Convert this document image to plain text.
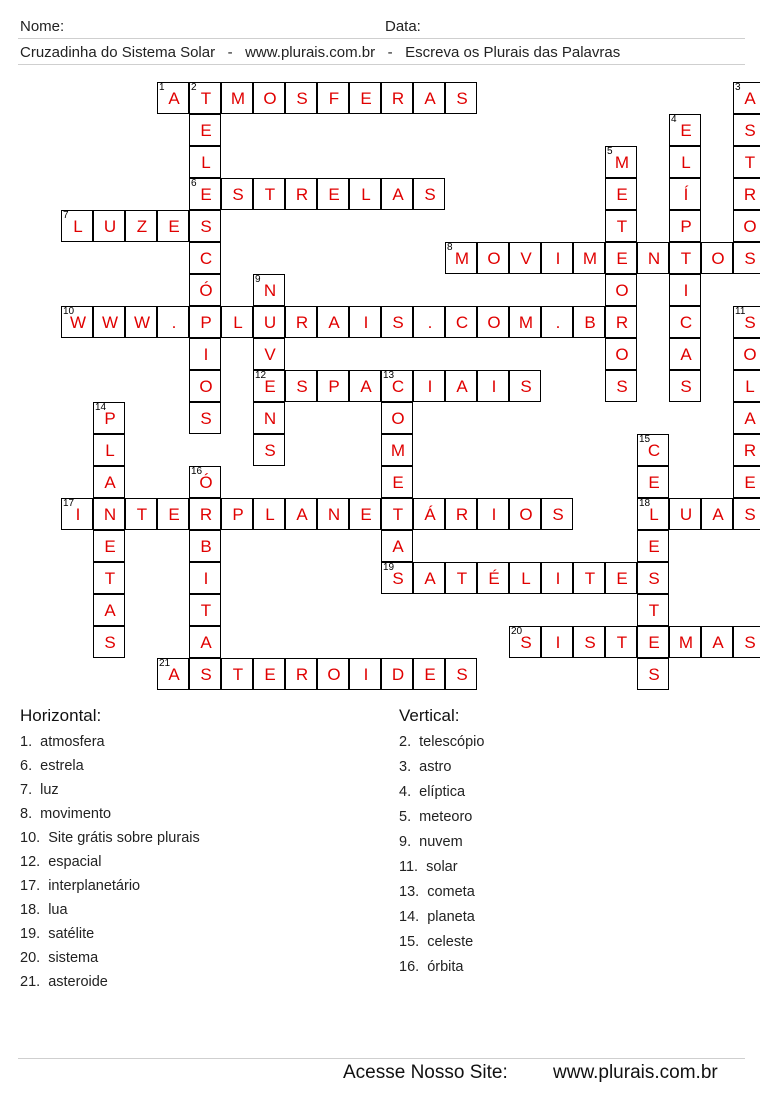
Nome:	Data:
Cruzadinha do Sistema Solar   -   www.plurais.com.br   -   Escreva os Plurais das Palavras
A
1
T
2
M	O	S	F	E	R	A	S
E
6
S	T	R	E	L	A	S
L
7
U	Z	E	S
M
8
O	V	I	M	E	N	T	O	S
W
10
W W	.	P	L	U	R	A	I	S	.	C	O	M	.	B	R
E
12
S	P	A	C
13
I	A	I	S
I
17
N	T	E	R	P	L	A	N	E	T	Á	R	I	O	S	L
18
U	A	S
S
19
A	T	É	L	I	T	E	S
S
20
I	S	T	E	M	A	S
A
21
S	T	E	R	O	I	D	E	S
E
L
C
Ó
I
O
S
A
3
S
T
R
O
E
4
L
Í
P
I
C
A
S
M
5
E
T
O
O
S
N
9
V
N
S
S
11
O
L
A
R
E
O
M
E
A
P
14
L
A
E
T
A
S
C
15
E
E
T
S
Ó
16
B
I
T
A
Horizontal:	Vertical:
1.  atmosfera
6.  estrela
7.  luz
8.  movimento
10.  Site grátis sobre plurais
12.  espacial
17.  interplanetário
18.  lua
19.  satélite
20.  sistema
21.  asteroide
2.  telescópio
3.  astro
4.  elíptica
5.  meteoro
9.  nuvem
11.  solar
13.  cometa
14.  planeta
15.  celeste
16.  órbita
Acesse Nosso Site: www.plurais.com.br
